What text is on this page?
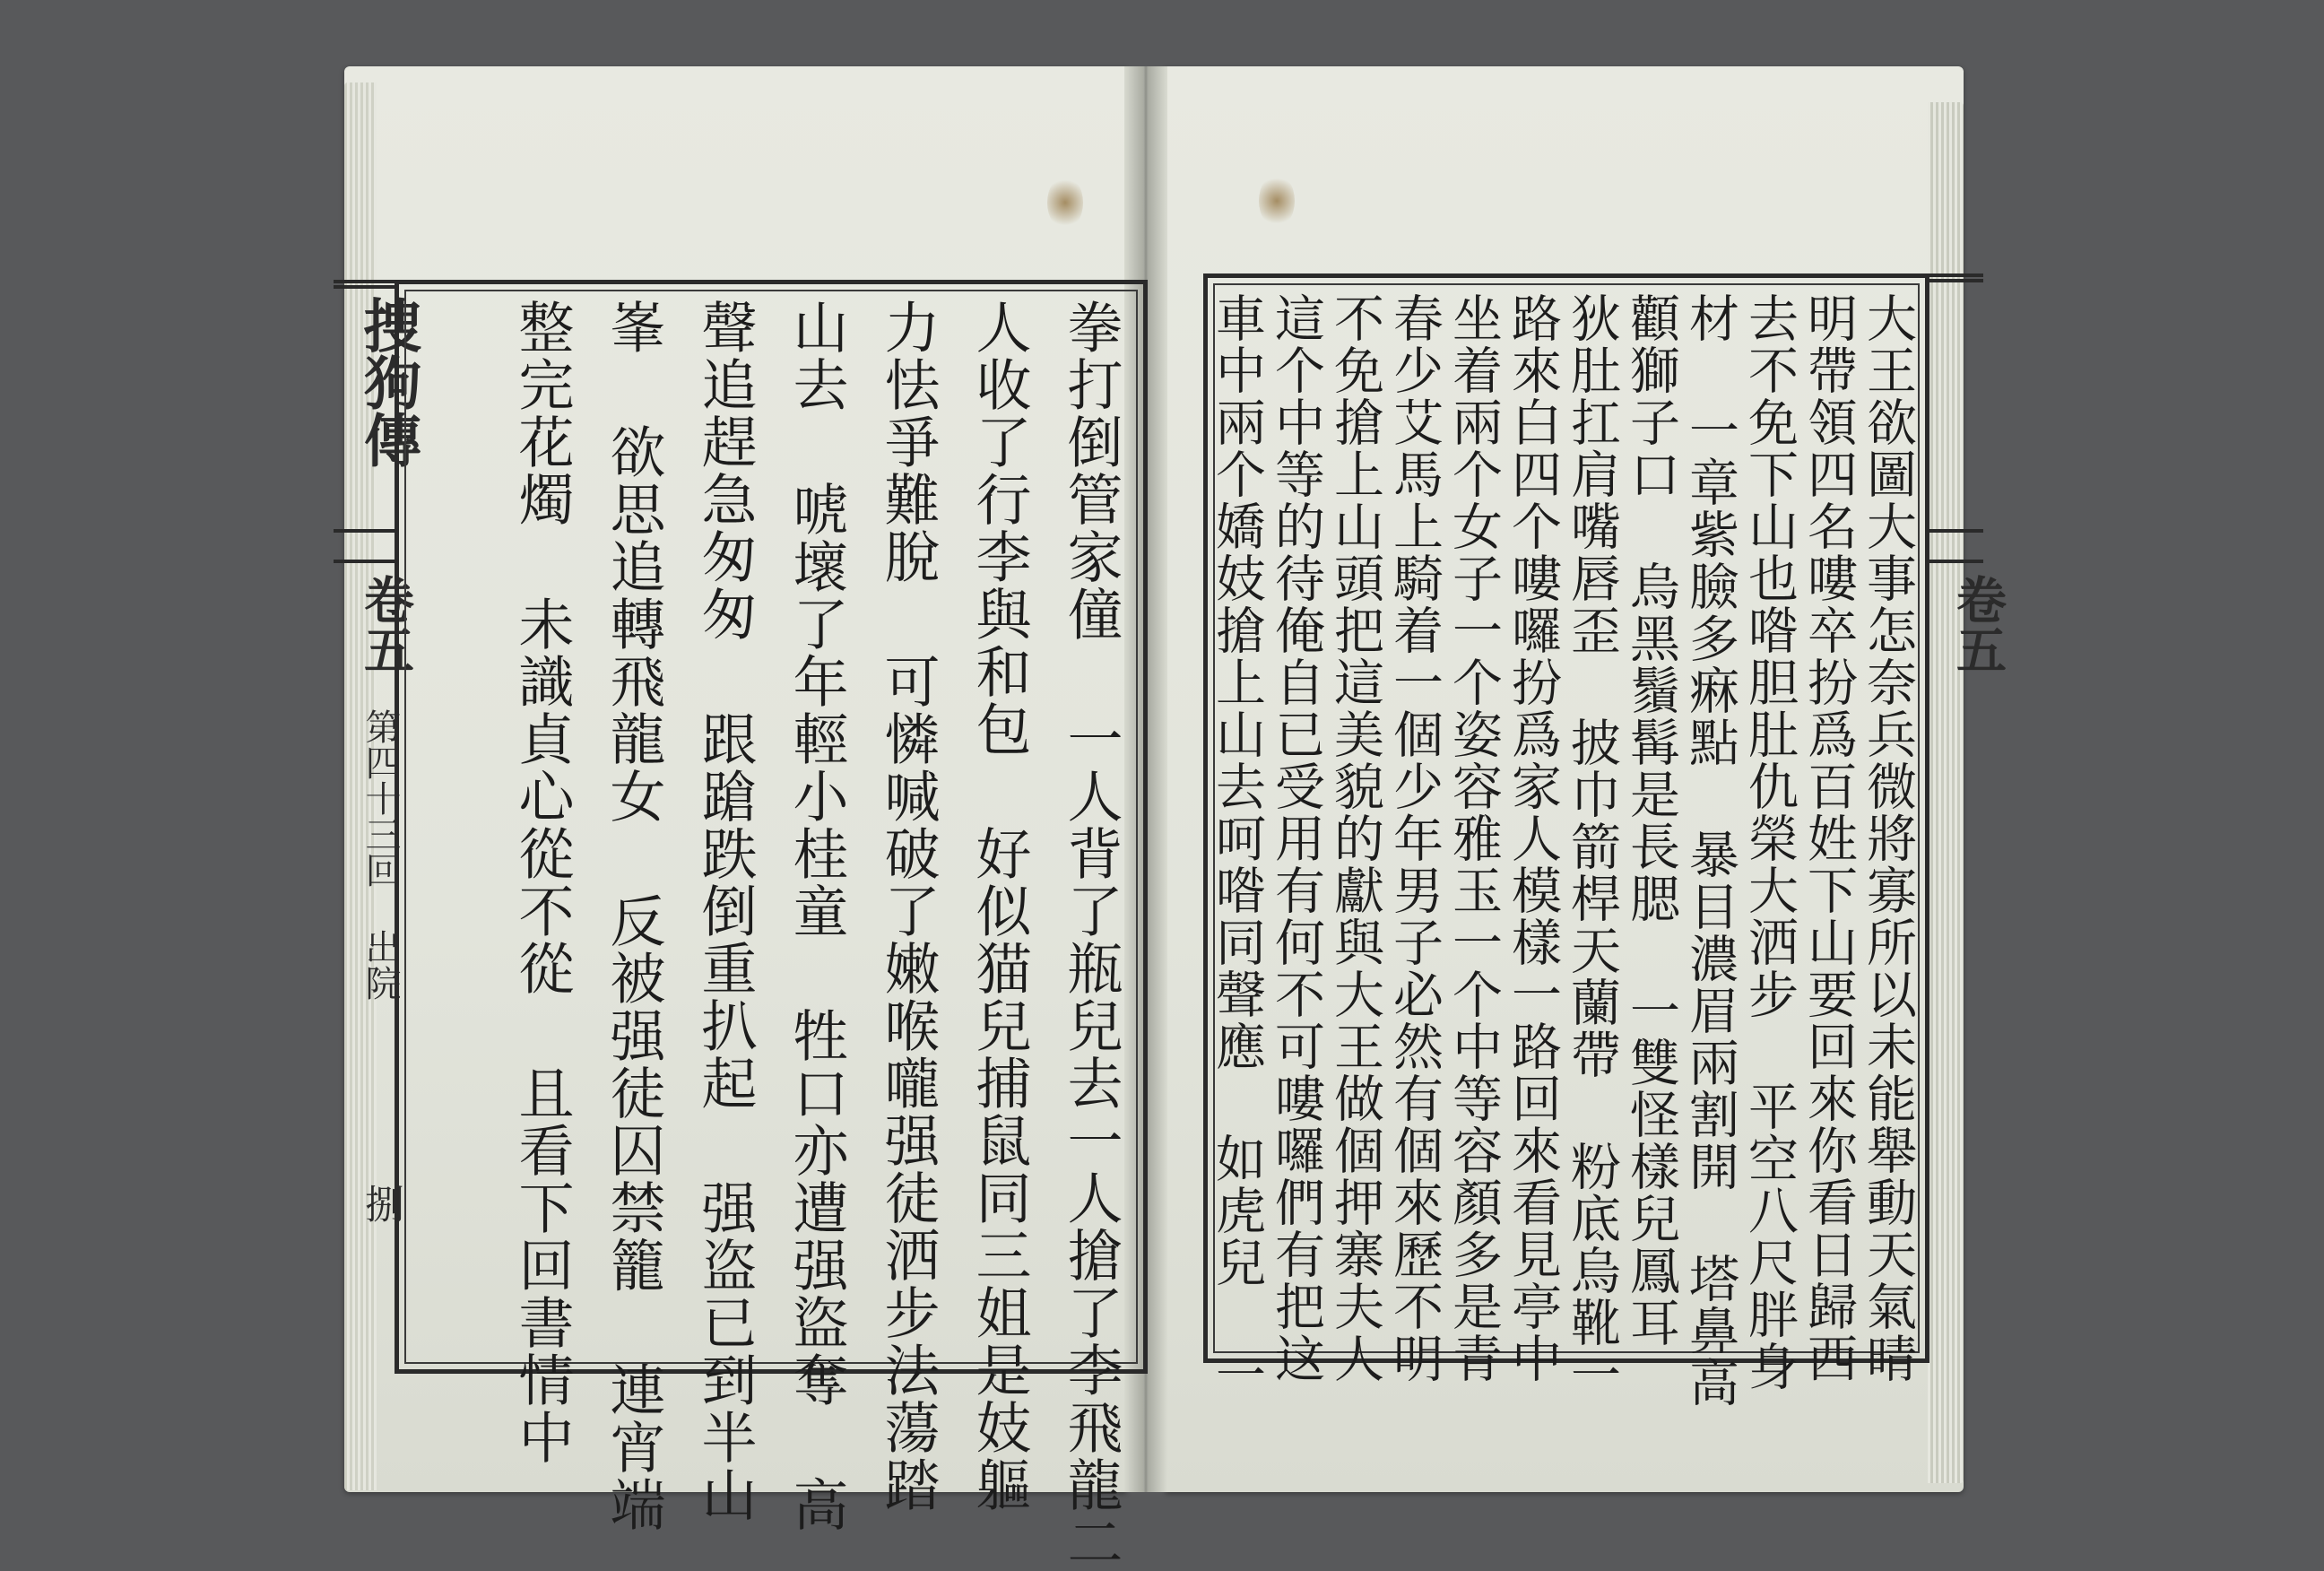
捜狗傳
卷五
第四十三回 出院
捌
卷五
拳打倒管家僮 一人背了瓶兒去一人搶了李飛龍二
人收了行李與和包 好似猫兒捕鼠同三姐是妓軀
力怯爭難脫 可憐喊破了嫩喉嚨强徒洒步法蕩踏
山去 唬壞了年輕小桂童 牲口亦遭强盜奪 高
聲追趕急匆匆 跟蹌跌倒重扒起 强盗已到半山
峯 欲思追轉飛龍女 反被强徒囚禁籠 連宵端
整完花燭 未識貞心從不從 且看下回書情中	大王欲圖大事怎奈兵微將寡所以未能舉動天氣晴
明帶領四名嘍卒扮爲百姓下山要回來你看日歸西
去不免下山也喒胆肚仇榮大洒步 平空八尺胖身
材 一章紫臉多痳點 暴目濃眉兩割開 塔鼻高
顴獅子口 烏黑鬚髯是長腮 一雙怪樣兒鳳耳
狄肚扛肩嘴唇歪 披巾箭桿天蘭帶 粉底烏靴一
路來白四个嘍囉扮爲家人模樣一路回來看見亭中
坐着兩个女子一个姿容雅玉一个中等容顏多是青
春少艾馬上騎着一個少年男子必然有個來歷不明
不免搶上山頭把這美貌的獻與大王做個押寨夫人
這个中等的待俺自已受用有何不可嘍囉們有把这
車中兩个嬌妓搶上山去呵喒同聲應 如虎兒 一
